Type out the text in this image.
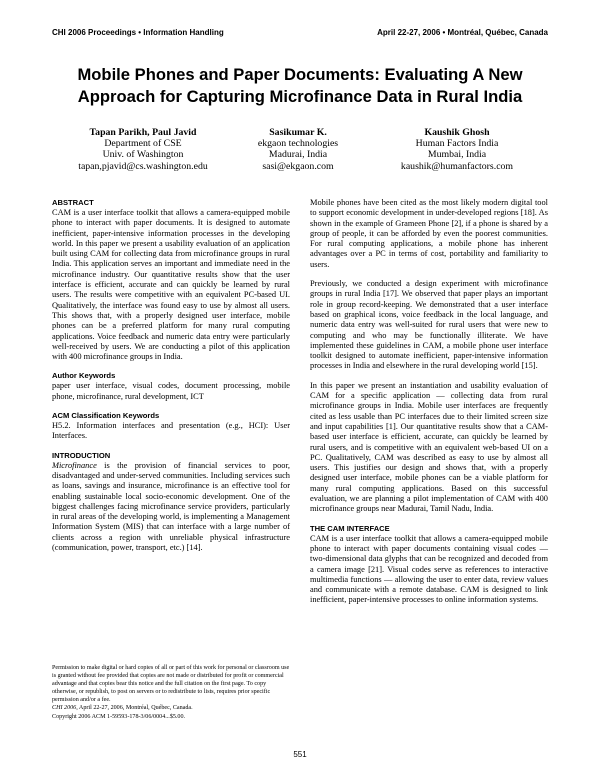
CHI 2006 Proceedings • Information Handling	April 22-27, 2006 • Montréal, Québec, Canada
Mobile Phones and Paper Documents: Evaluating A New
Approach for Capturing Microfinance Data in Rural India
Tapan Parikh, Paul Javid
Department of CSE
Univ. of Washington
tapan,pjavid@cs.washington.edu
Sasikumar K.
ekgaon technologies
Madurai, India
sasi@ekgaon.com
Kaushik Ghosh
Human Factors India
Mumbai, India
kaushik@humanfactors.com

ABSTRACT

CAM is a user interface toolkit that allows a camera-equipped mobile phone to interact with paper documents. It is designed to automate inefficient, paper-intensive information processes in the developing world. In this paper we present a usability evaluation of an application built using CAM for collecting data from microfinance groups in rural India. This application serves an important and immediate need in the microfinance industry. Our quantitative results show that the user interface is efficient, accurate and can quickly be learned by rural users. The results were competitive with an equivalent PC-based UI. Qualitatively, the interface was found easy to use by almost all users. This shows that, with a properly designed user interface, mobile phones can be a preferred platform for many rural computing applications. Voice feedback and numeric data entry were particularly well-received by users. We are conducting a pilot of this application with 400 microfinance groups in India.

Author Keywords

paper user interface, visual codes, document processing, mobile phone, microfinance, rural development, ICT

ACM Classification Keywords

H5.2. Information interfaces and presentation (e.g., HCI): User Interfaces.

INTRODUCTION

Microfinance is the provision of financial services to poor, disadvantaged and under-served communities. Including services such as loans, savings and insurance, microfinance is an effective tool for enabling sustainable local socio-economic development. One of the biggest challenges facing microfinance service providers, particularly in rural areas of the developing world, is implementing a Management Information System (MIS) that can interface with a large number of clients across a region with unreliable physical infrastructure (communication, power, transport, etc.) [14].

Permission to make digital or hard copies of all or part of this work for personal or classroom use is granted without fee provided that copies are not made or distributed for profit or commercial advantage and that copies bear this notice and the full citation on the first page. To copy otherwise, or republish, to post on servers or to redistribute to lists, requires prior specific permission and/or a fee.

CHI 2006, April 22-27, 2006, Montréal, Québec, Canada.

Copyright 2006 ACM 1-59593-178-3/06/0004...$5.00.

Mobile phones have been cited as the most likely modern digital tool to support economic development in under-developed regions [18]. As shown in the example of Grameen Phone [2], if a phone is shared by a group of people, it can be afforded by even the poorest communities. For rural computing applications, a mobile phone has inherent advantages over a PC in terms of cost, portability and familiarity to users.

Previously, we conducted a design experiment with microfinance groups in rural India [17]. We observed that paper plays an important role in group record-keeping. We demonstrated that a user interface based on graphical icons, voice feedback in the local language, and numeric data entry was well-suited for rural users that were new to computing and who may be functionally illiterate. We have implemented these guidelines in CAM, a mobile phone user interface toolkit designed to automate inefficient, paper-intensive information processes in India and elsewhere in the rural developing world [15].

In this paper we present an instantiation and usability evaluation of CAM for a specific application — collecting data from rural microfinance groups in India. Mobile user interfaces are frequently cited as less usable than PC interfaces due to their limited screen size and input capabilities [1]. Our quantitative results show that a CAM-based user interface is efficient, accurate, can quickly be learned by rural users, and is competitive with an equivalent web-based UI on a PC. Qualitatively, CAM was described as easy to use by almost all users. This justifies our design and shows that, with a properly designed user interface, mobile phones can be a viable platform for many rural computing applications. Based on this successful evaluation, we are planning a pilot implementation of CAM with 400 microfinance groups near Madurai, Tamil Nadu, India.

THE CAM INTERFACE

CAM is a user interface toolkit that allows a camera-equipped mobile phone to interact with paper documents containing visual codes — two-dimensional data glyphs that can be recognized and decoded from a camera image [21]. Visual codes serve as references to interactive multimedia functions — allowing the user to enter data, review values and communicate with a remote database. CAM is designed to link inefficient, paper-intensive processes to online information systems.

551
